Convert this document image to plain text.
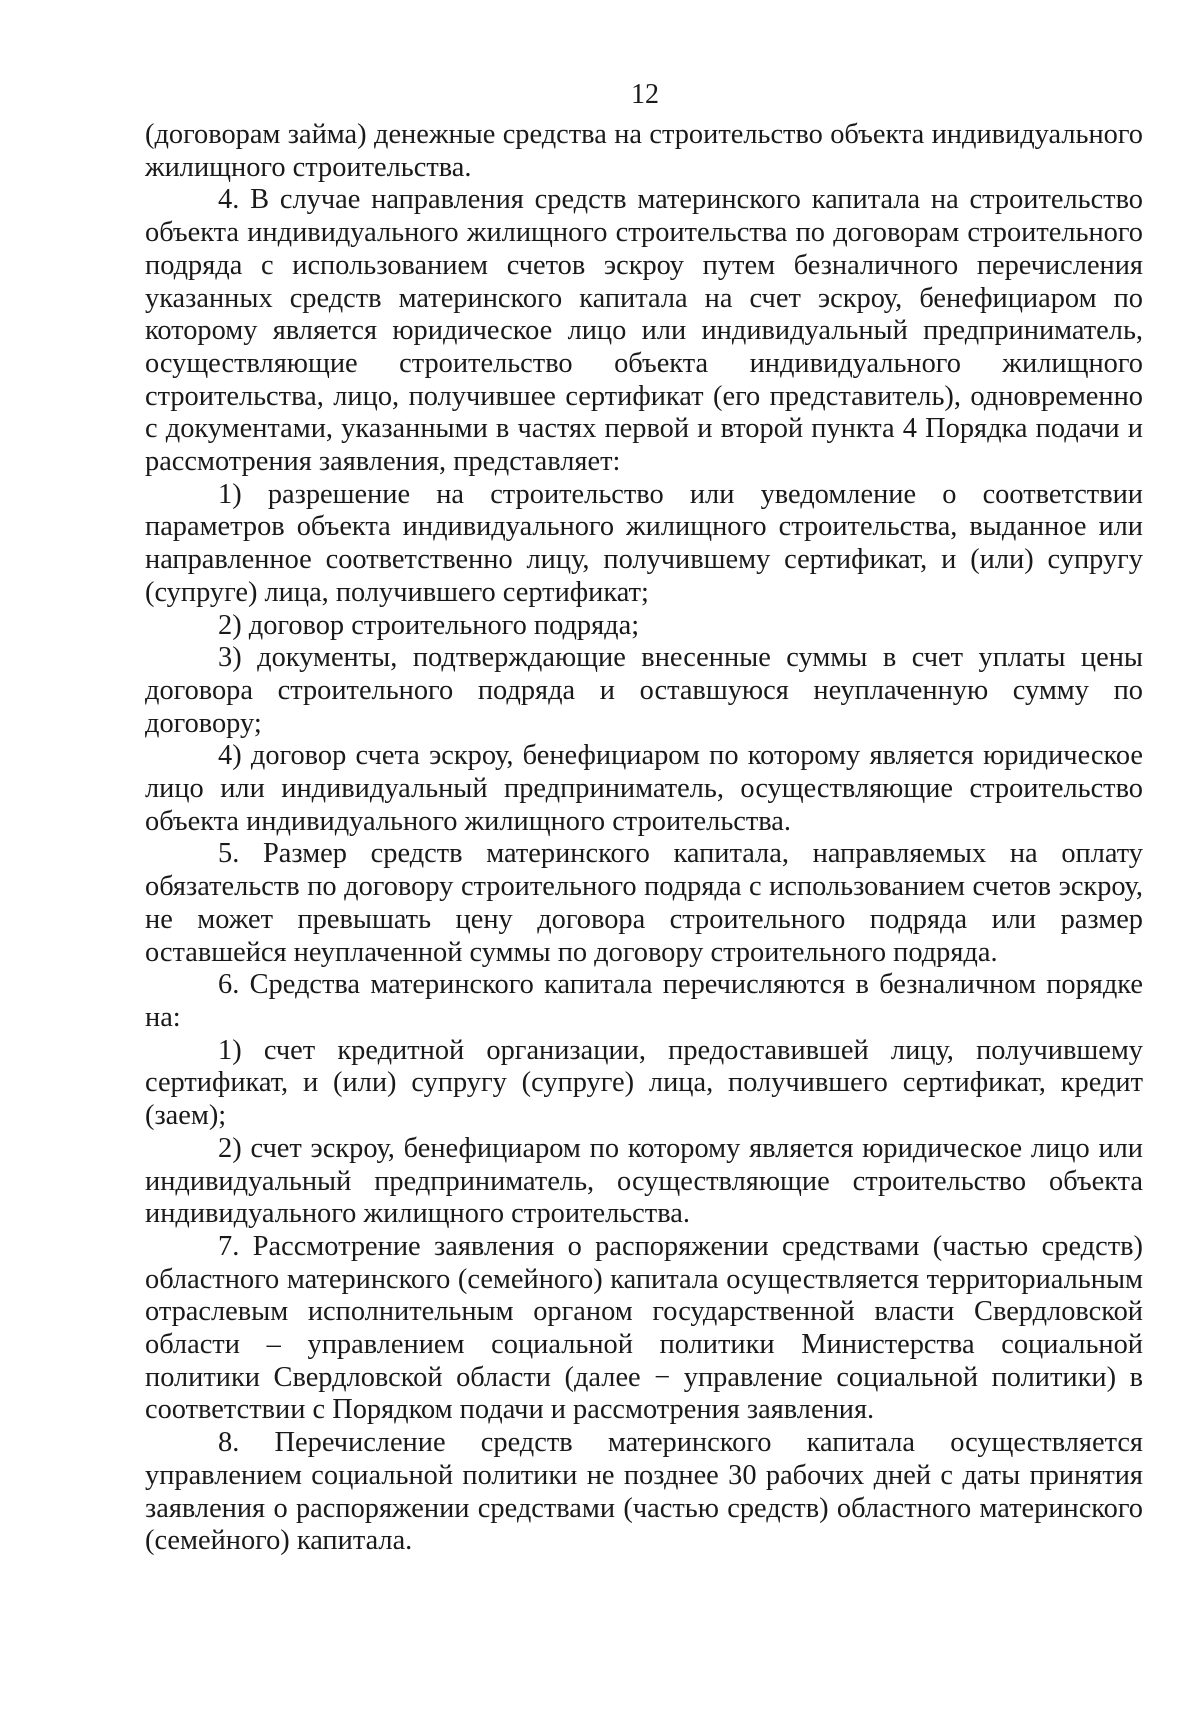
12

(договорам займа) денежные средства на строительство объекта индивидуального жилищного строительства.

4. В случае направления средств материнского капитала на строительство объекта индивидуального жилищного строительства по договорам строительного подряда с использованием счетов эскроу путем безналичного перечисления указанных средств материнского капитала на счет эскроу, бенефициаром по которому является юридическое лицо или индивидуальный предприниматель, осуществляющие строительство объекта индивидуального жилищного строительства, лицо, получившее сертификат (его представитель), одновременно с документами, указанными в частях первой и второй пункта 4 Порядка подачи и рассмотрения заявления, представляет:

1) разрешение на строительство или уведомление о соответствии параметров объекта индивидуального жилищного строительства, выданное или направленное соответственно лицу, получившему сертификат, и (или) супругу (супруге) лица, получившего сертификат;

2) договор строительного подряда;

3) документы, подтверждающие внесенные суммы в счет уплаты цены договора строительного подряда и оставшуюся неуплаченную сумму по договору;

4) договор счета эскроу, бенефициаром по которому является юридическое лицо или индивидуальный предприниматель, осуществляющие строительство объекта индивидуального жилищного строительства.

5. Размер средств материнского капитала, направляемых на оплату обязательств по договору строительного подряда с использованием счетов эскроу, не может превышать цену договора строительного подряда или размер оставшейся неуплаченной суммы по договору строительного подряда.

6. Средства материнского капитала перечисляются в безналичном порядке на:

1) счет кредитной организации, предоставившей лицу, получившему сертификат, и (или) супругу (супруге) лица, получившего сертификат, кредит (заем);

2) счет эскроу, бенефициаром по которому является юридическое лицо или индивидуальный предприниматель, осуществляющие строительство объекта индивидуального жилищного строительства.

7. Рассмотрение заявления о распоряжении средствами (частью средств) областного материнского (семейного) капитала осуществляется территориальным отраслевым исполнительным органом государственной власти Свердловской области – управлением социальной политики Министерства социальной политики Свердловской области (далее − управление социальной политики) в соответствии с Порядком подачи и рассмотрения заявления.

8. Перечисление средств материнского капитала осуществляется управлением социальной политики не позднее 30 рабочих дней с даты принятия заявления о распоряжении средствами (частью средств) областного материнского (семейного) капитала.
